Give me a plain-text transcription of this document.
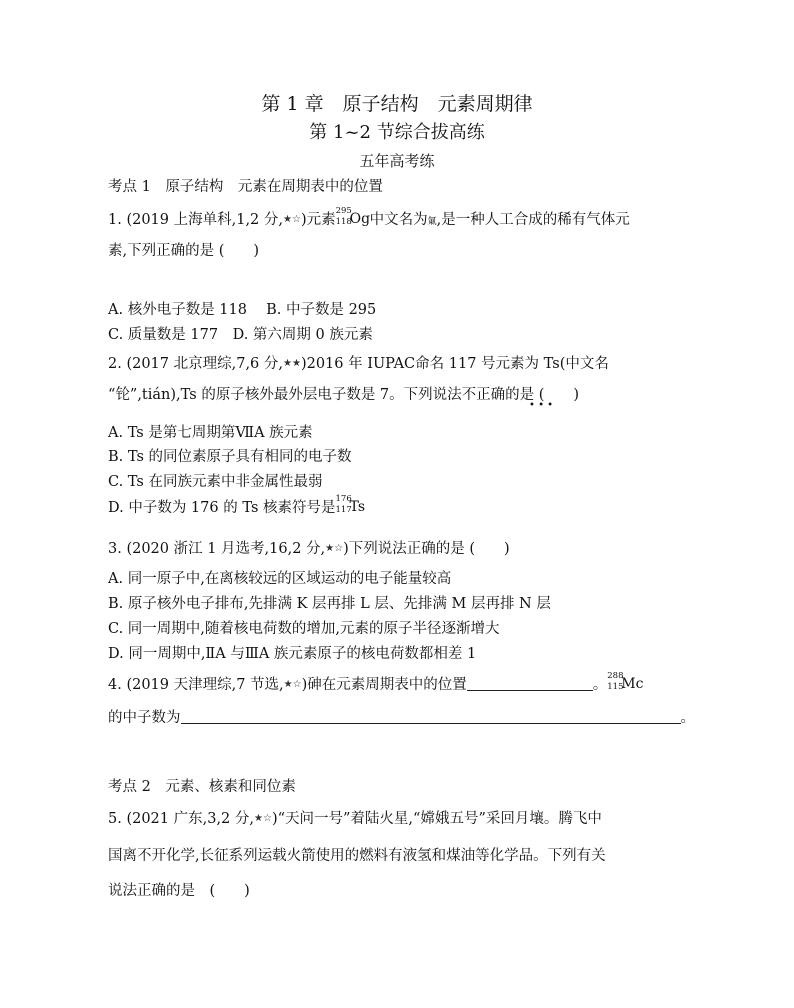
第 1 章　原子结构　元素周期律
第 1~2 节综合拔高练
五年高考练
考点 1　原子结构　元素在周期表中的位置
1. (2019 上海单科,1,2 分,★☆)元素
295
118
Og 中文名为氭,是一种人工合成的稀有气体元
素,下列正确的是 (　　)
A. 核外电子数是 118　 B. 中子数是 295
C. 质量数是 177　D. 第六周期 0 族元素
2. (2017 北京理综,7,6 分,★★)2016 年 IUPAC命名 117 号元素为 Ts(中文名
“𬬭”,tián),Ts 的原子核外最外层电子数是 7。下列说法不正确的是 (　　)
• • •
A. Ts 是第七周期第ⅦA 族元素
B. Ts 的同位素原子具有相同的电子数
C. Ts 在同族元素中非金属性最弱
D. 中子数为 176 的 Ts 核素符号是
176
117
Ts
3. (2020 浙江 1 月选考,16,2 分,★☆)下列说法正确的是 (　　)
A. 同一原子中,在离核较远的区域运动的电子能量较高
B. 原子核外电子排布,先排满 K 层再排 L 层、先排满 M 层再排 N 层
C. 同一周期中,随着核电荷数的增加,元素的原子半径逐渐增大
D. 同一周期中,ⅡA 与ⅢA 族元素原子的核电荷数都相差 1
4. (2019 天津理综,7 节选,★☆)砷在元素周期表中的位置	。
288
115
Mc
的中子数为	。
考点 2　元素、核素和同位素
5. (2021 广东,3,2 分,★☆)“天问一号”着陆火星,“嫦娥五号”采回月壤。腾飞中
国离不开化学,长征系列运载火箭使用的燃料有液氢和煤油等化学品。下列有关
说法正确的是　(　　)
